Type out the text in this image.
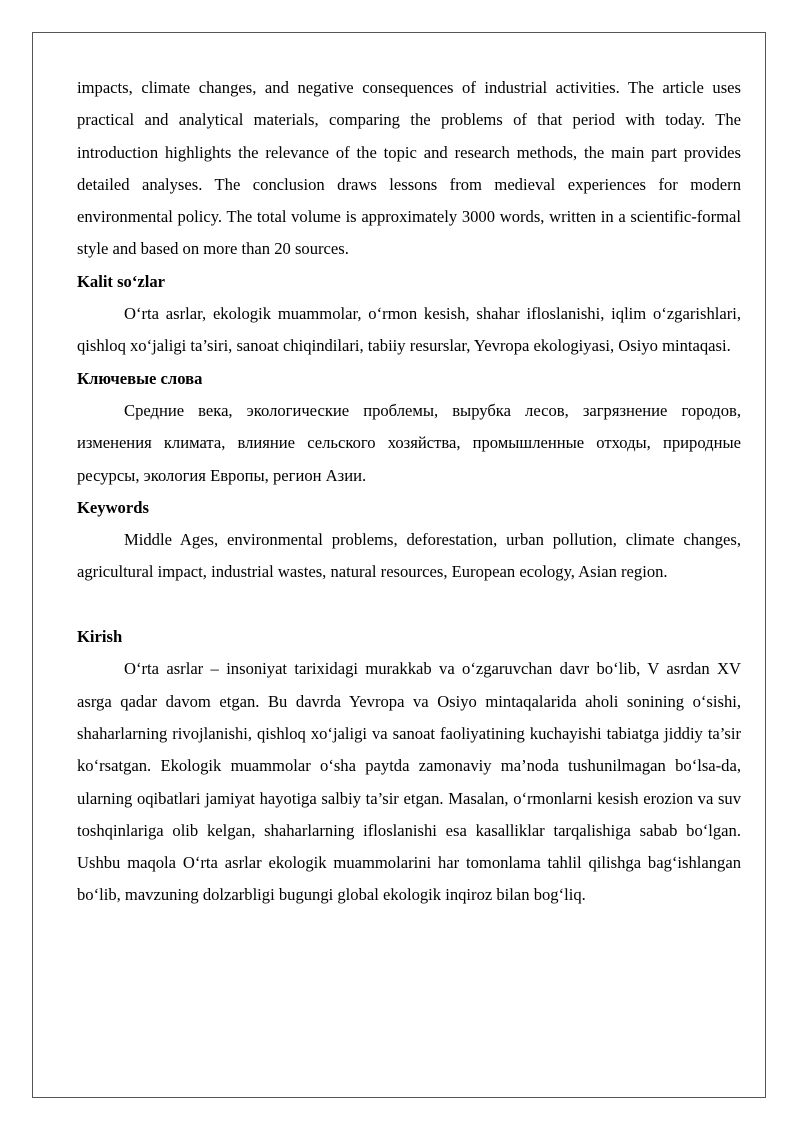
impacts, climate changes, and negative consequences of industrial activities. The article uses practical and analytical materials, comparing the problems of that period with today. The introduction highlights the relevance of the topic and research methods, the main part provides detailed analyses. The conclusion draws lessons from medieval experiences for modern environmental policy. The total volume is approximately 3000 words, written in a scientific-formal style and based on more than 20 sources.

Kalit so‘zlar

O‘rta asrlar, ekologik muammolar, o‘rmon kesish, shahar ifloslanishi, iqlim o‘zgarishlari, qishloq xo‘jaligi ta’siri, sanoat chiqindilari, tabiiy resurslar, Yevropa ekologiyasi, Osiyo mintaqasi.

Ключевые слова

Средние века, экологические проблемы, вырубка лесов, загрязнение городов, изменения климата, влияние сельского хозяйства, промышленные отходы, природные ресурсы, экология Европы, регион Азии.

Keywords

Middle Ages, environmental problems, deforestation, urban pollution, climate changes, agricultural impact, industrial wastes, natural resources, European ecology, Asian region.

Kirish

O‘rta asrlar – insoniyat tarixidagi murakkab va o‘zgaruvchan davr bo‘lib, V asrdan XV asrga qadar davom etgan. Bu davrda Yevropa va Osiyo mintaqalarida aholi sonining o‘sishi, shaharlarning rivojlanishi, qishloq xo‘jaligi va sanoat faoliyatining kuchayishi tabiatga jiddiy ta’sir ko‘rsatgan. Ekologik muammolar o‘sha paytda zamonaviy ma’noda tushunilmagan bo‘lsa-da, ularning oqibatlari jamiyat hayotiga salbiy ta’sir etgan. Masalan, o‘rmonlarni kesish erozion va suv toshqinlariga olib kelgan, shaharlarning ifloslanishi esa kasalliklar tarqalishiga sabab bo‘lgan. Ushbu maqola O‘rta asrlar ekologik muammolarini har tomonlama tahlil qilishga bag‘ishlangan bo‘lib, mavzuning dolzarbligi bugungi global ekologik inqiroz bilan bog‘liq.
